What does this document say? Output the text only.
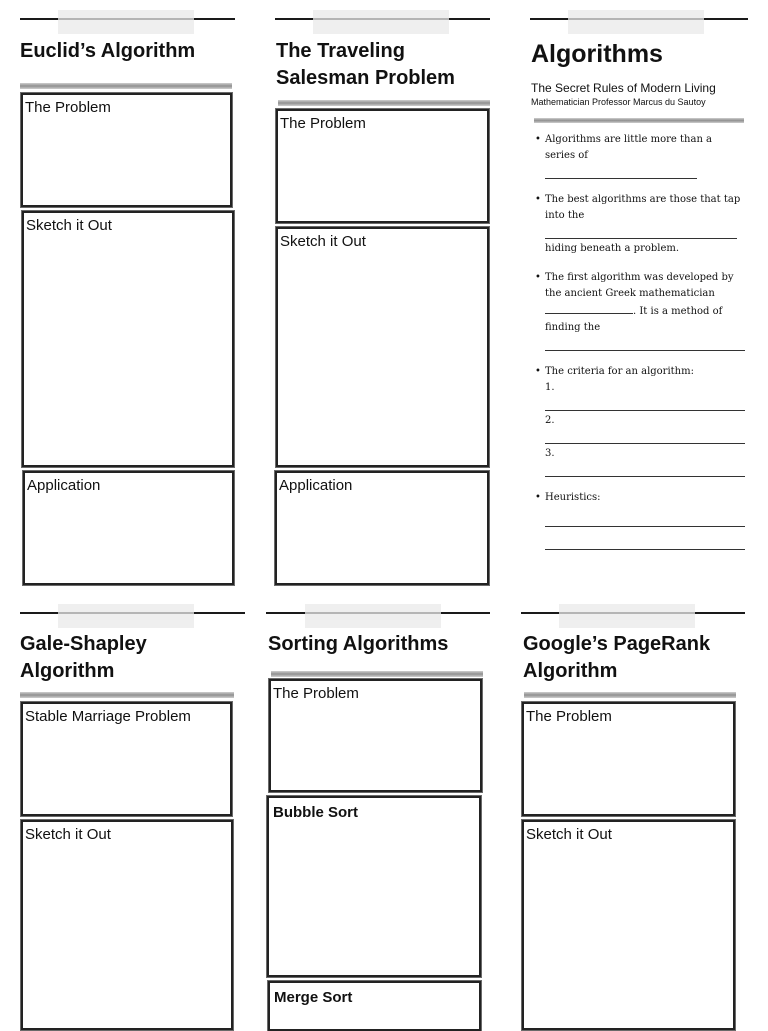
Euclid’s Algorithm
The Problem
Sketch it Out
Application
The Traveling
Salesman Problem
The Problem
Sketch it Out
Application
Algorithms
The Secret Rules of Modern Living
Mathematician Professor Marcus du Sautoy
• Algorithms are little more than a series of
• The best algorithms are those that tap into the
hiding beneath a problem.
• The first algorithm was developed by the ancient Greek mathematician . It is a method of finding the
• The criteria for an algorithm:
1.
2.
3.
• Heuristics:
Gale-Shapley
Algorithm
Stable Marriage Problem
Sketch it Out
Sorting Algorithms
The Problem
Bubble Sort
Merge Sort
Google’s PageRank
Algorithm
The Problem
Sketch it Out
